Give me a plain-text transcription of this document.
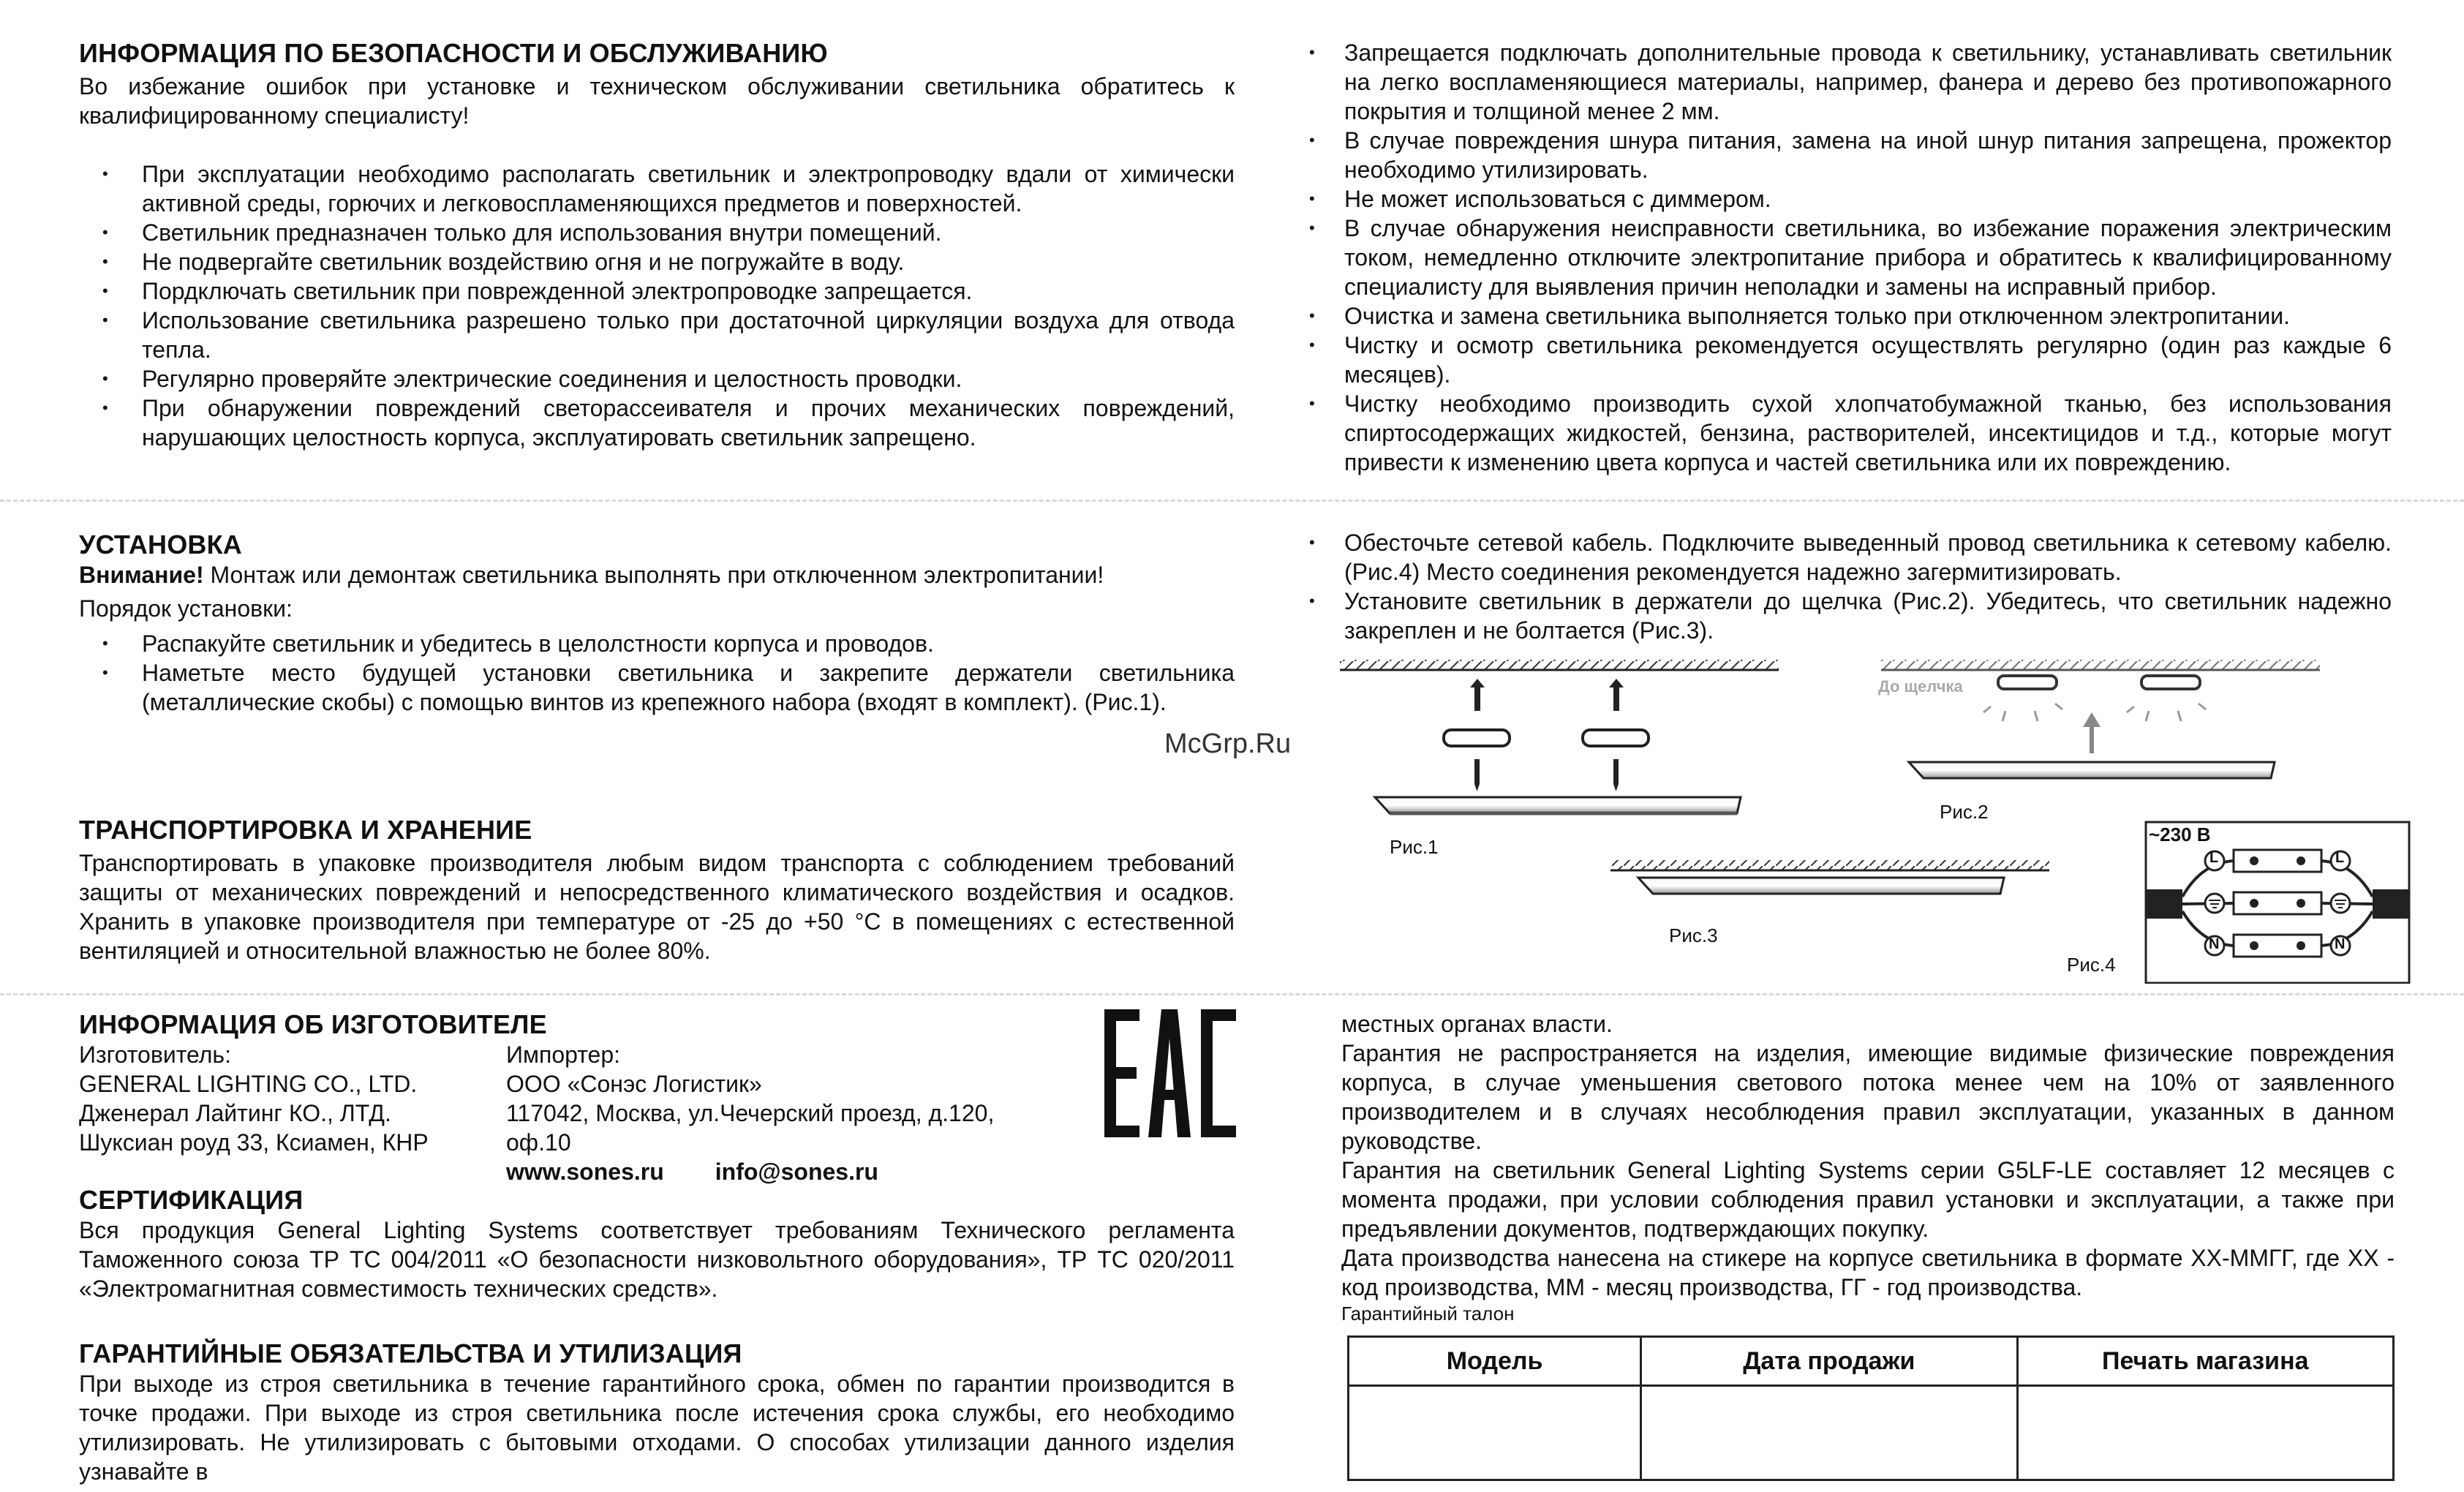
ИНФОРМАЦИЯ ПО БЕЗОПАСНОСТИ И ОБСЛУЖИВАНИЮ

Во избежание ошибок при установке и техническом обслуживании светильника обратитесь к квалифицированному специалисту!

• При эксплуатации необходимо располагать светильник и электропроводку вдали от химически активной среды, горючих и легковоспламеняющихся предметов и поверхностей.
• Светильник предназначен только для использования внутри помещений.
• Не подвергайте светильник воздействию огня и не погружайте в воду.
• Пордключать светильник при поврежденной электропроводке запрещается.
• Использование светильника разрешено только при достаточной циркуляции воздуха для отвода тепла.
• Регулярно проверяйте электрические соединения и целостность проводки.
• При обнаружении повреждений светорассеивателя и прочих механических повреждений, нарушающих целостность корпуса, эксплуатировать светильник запрещено.
• Запрещается подключать дополнительные провода к светильнику, устанавливать светильник на легко воспламеняющиеся материалы, например, фанера и дерево без противопожарного покрытия и толщиной менее 2 мм.
• В случае повреждения шнура питания, замена на иной шнур питания запрещена, прожектор необходимо утилизировать.
• Не может использоваться с диммером.
• В случае обнаружения неисправности светильника, во избежание поражения электрическим током, немедленно отключите электропитание прибора и обратитесь к квалифицированному специалисту для выявления причин неполадки и замены на исправный прибор.
• Очистка и замена светильника выполняется только при отключенном электропитании.
• Чистку и осмотр светильника рекомендуется осуществлять регулярно (один раз каждые 6 месяцев).
• Чистку необходимо производить сухой хлопчатобумажной тканью, без использования спиртосодержащих жидкостей, бензина, растворителей, инсектицидов и т.д., которые могут привести к изменению цвета корпуса и частей светильника или их повреждению.
УСТАНОВКА

Внимание! Монтаж или демонтаж светильника выполнять при отключенном электропитании!

Порядок установки:

• Распакуйте светильник и убедитесь в целолстности корпуса и проводов.
• Наметьте место будущей установки светильника и закрепите держатели светильника (металлические скобы) с помощью винтов из крепежного набора (входят в комплект). (Рис.1).
McGrp.Ru
• Обесточьте сетевой кабель. Подключите выведенный провод светильника к сетевому кабелю. (Рис.4) Место соединения рекомендуется надежно загермитизировать.
• Установите светильник в держатели до щелчка (Рис.2). Убедитесь, что светильник надежно закреплен и не болтается (Рис.3).
Рис.1
Рис.2
До щелчка
Рис.3
Рис.4
~230 В
L	L
N	N
ТРАНСПОРТИРОВКА И ХРАНЕНИЕ

Транспортировать в упаковке производителя любым видом транспорта с соблюдением требований защиты от механических повреждений и непосредственного климатического воздействия и осадков. Хранить в упаковке производителя при температуре от -25 до +50 °С в помещениях с естественной вентиляцией и относительной влажностью не более 80%.

ИНФОРМАЦИЯ ОБ ИЗГОТОВИТЕЛЕ

Изготовитель:

GENERAL LIGHTING CO., LTD.

Дженерал Лайтинг КО., ЛТД.

Шуксиан роуд 33, Ксиамен, КНР

Импортер:

ООО «Сонэс Логистик»

117042, Москва, ул.Чечерский проезд, д.120, оф.10

www.sones.ru info@sones.ru

СЕРТИФИКАЦИЯ

Вся продукция General Lighting Systems соответствует требованиям Технического регламента Таможенного союза ТР ТС 004/2011 «О безопасности низковольтного оборудования», ТР ТС 020/2011 «Электромагнитная совместимость технических средств».

ГАРАНТИЙНЫЕ ОБЯЗАТЕЛЬСТВА И УТИЛИЗАЦИЯ

При выходе из строя светильника в течение гарантийного срока, обмен по гарантии производится в точке продажи. При выходе из строя светильника после истечения срока службы, его необходимо утилизировать. Не утилизировать с бытовыми отходами. О способах утилизации данного изделия узнавайте в

местных органах власти.

Гарантия не распространяется на изделия, имеющие видимые физические повреждения корпуса, в случае уменьшения светового потока менее чем на 10% от заявленного производителем и в случаях несоблюдения правил эксплуатации, указанных в данном руководстве.

Гарантия на светильник General Lighting Systems серии G5LF-LE составляет 12 месяцев с момента продажи, при условии соблюдения правил установки и эксплуатации, а также при предъявлении документов, подтверждающих покупку.

Дата производства нанесена на стикере на корпусе светильника в формате ХХ-ММГГ, где ХХ - код производства, ММ - месяц производства, ГГ - год производства.

Гарантийный талон
Модель	Дата продажи	Печать магазина
